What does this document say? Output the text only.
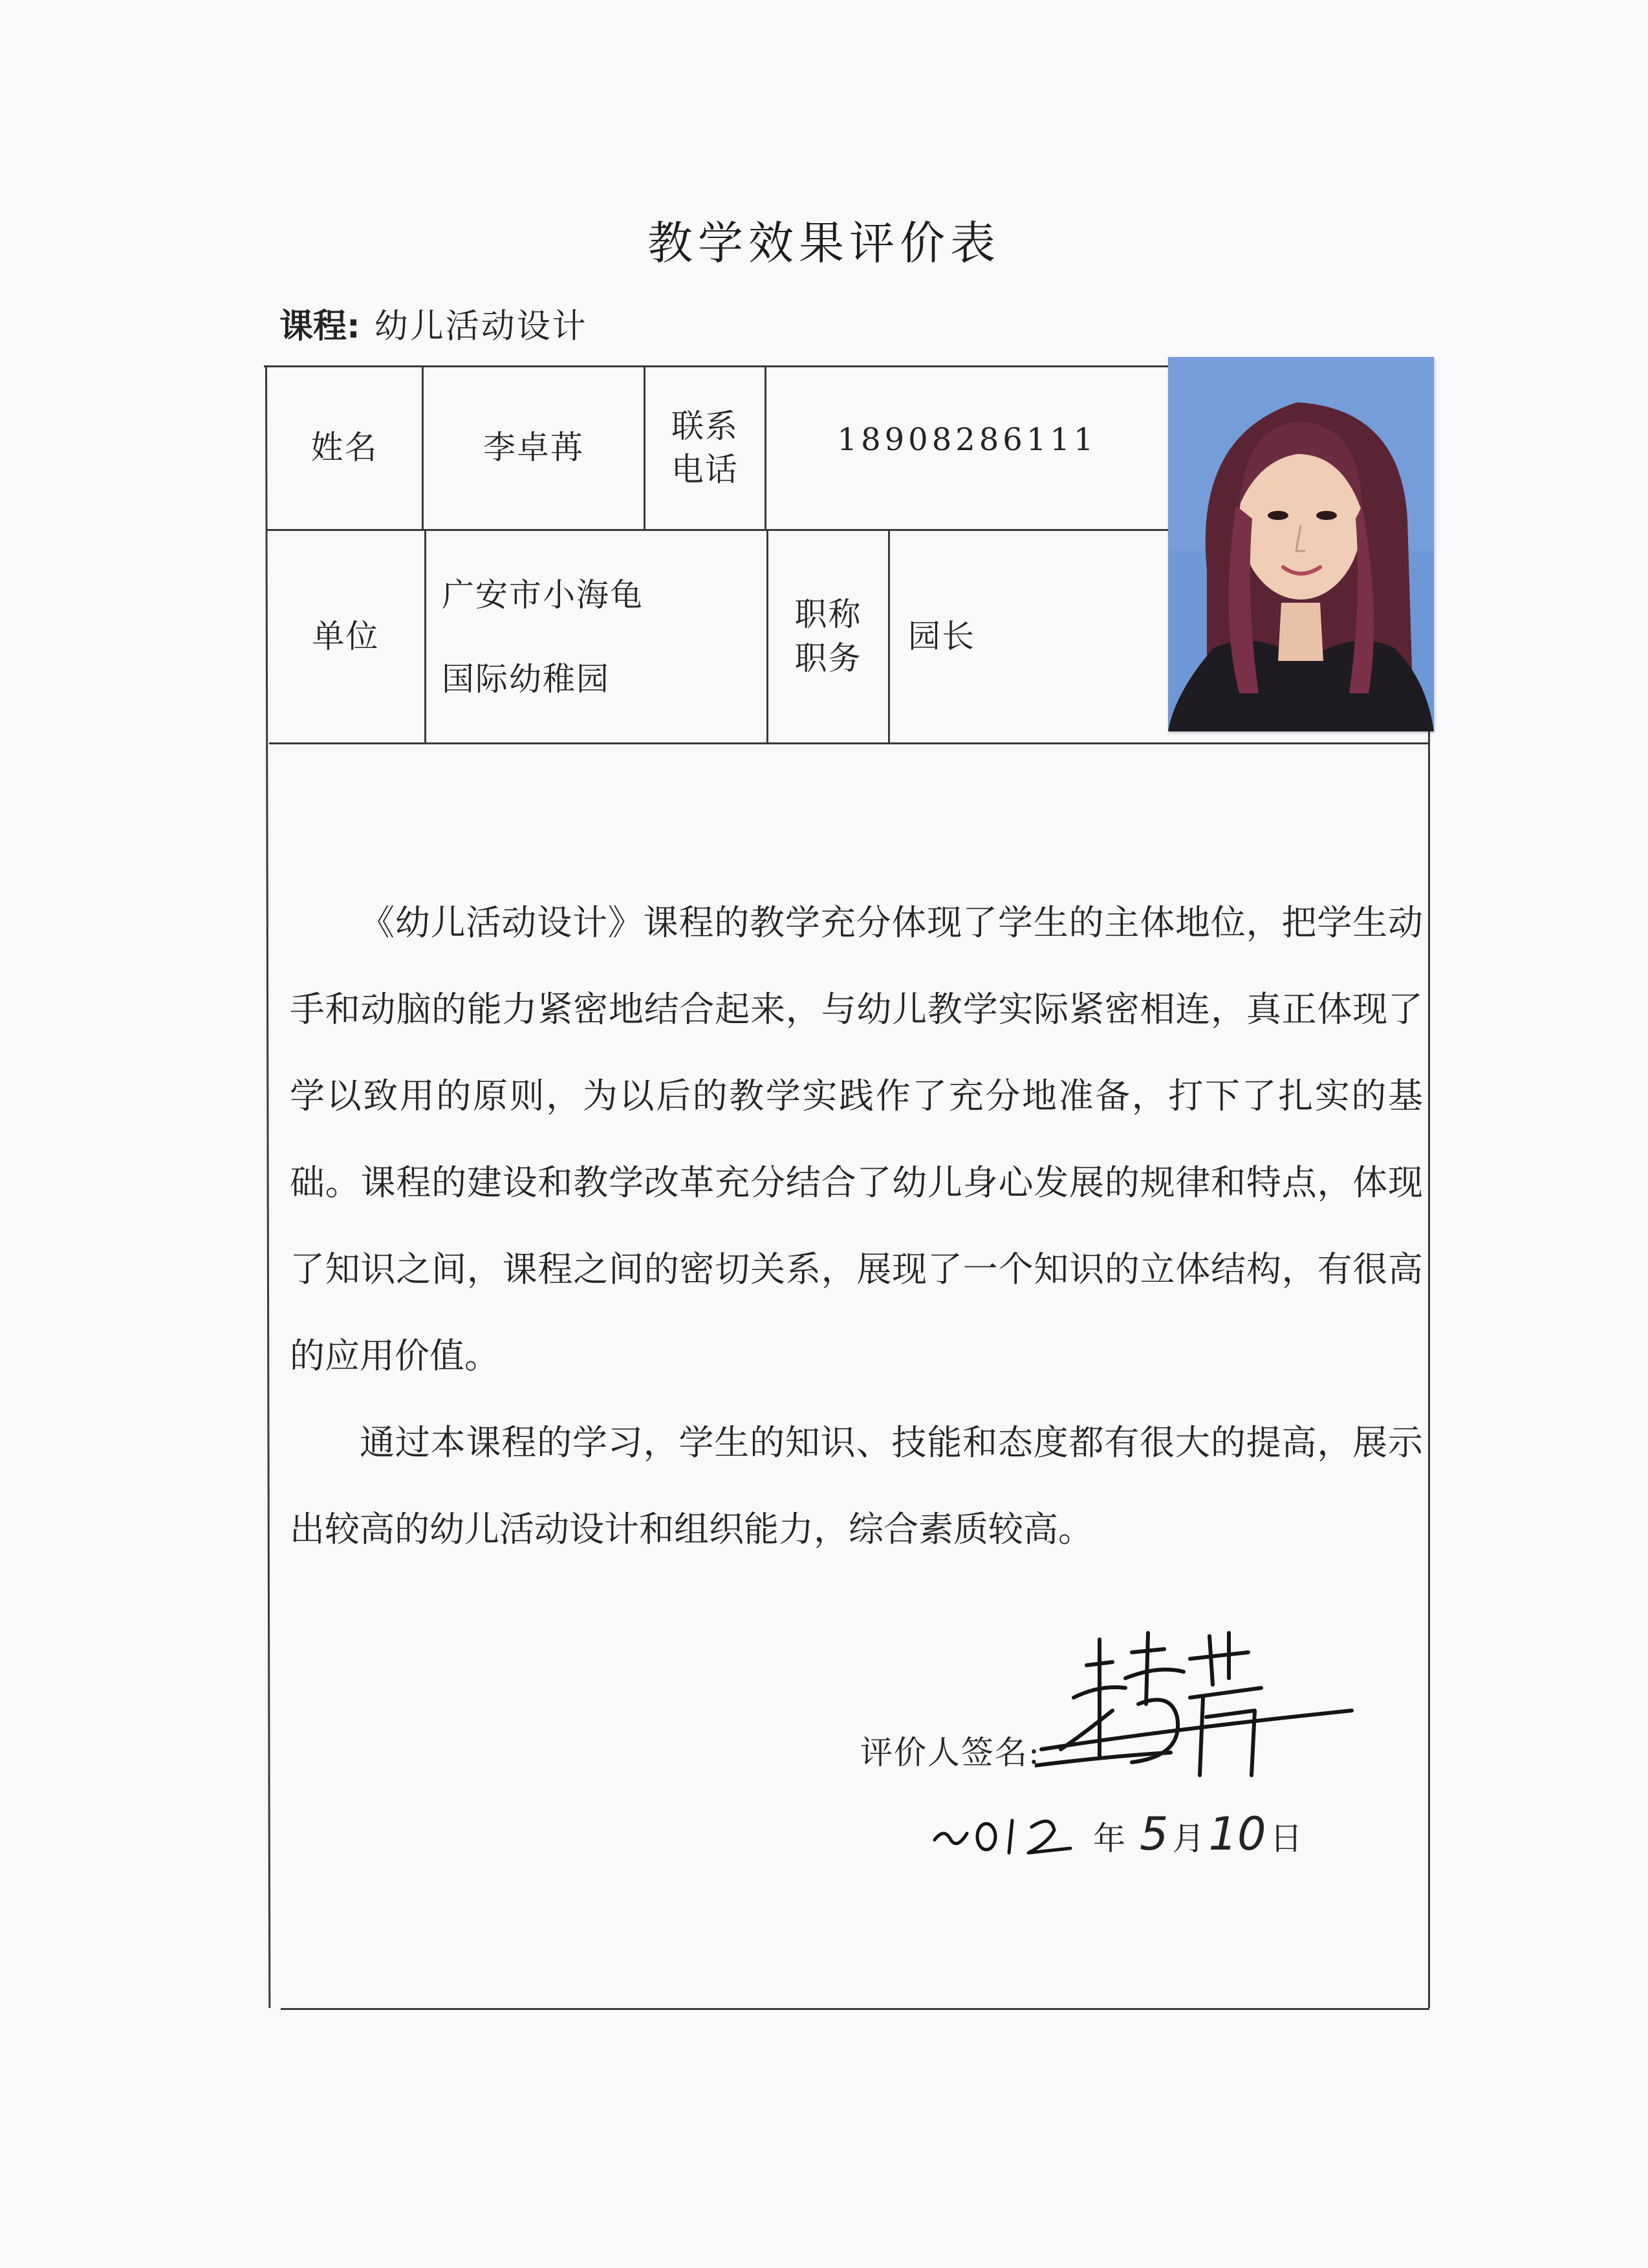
教学效果评价表
课程: 幼儿活动设计
姓名	李卓苒
联系
电话
18908286111
单位
广安市小海龟
国际幼稚园
职称
职务
园长

《幼儿活动设计》课程的教学充分体现了学生的主体地位，把学生动手和动脑的能力紧密地结合起来，与幼儿教学实际紧密相连，真正体现了学以致用的原则，为以后的教学实践作了充分地准备，打下了扎实的基础。课程的建设和教学改革充分结合了幼儿身心发展的规律和特点，体现了知识之间，课程之间的密切关系，展现了一个知识的立体结构，有很高的应用价值。

通过本课程的学习，学生的知识、技能和态度都有很大的提高，展示出较高的幼儿活动设计和组织能力，综合素质较高。

评价人签名:
年 5 月10 日
